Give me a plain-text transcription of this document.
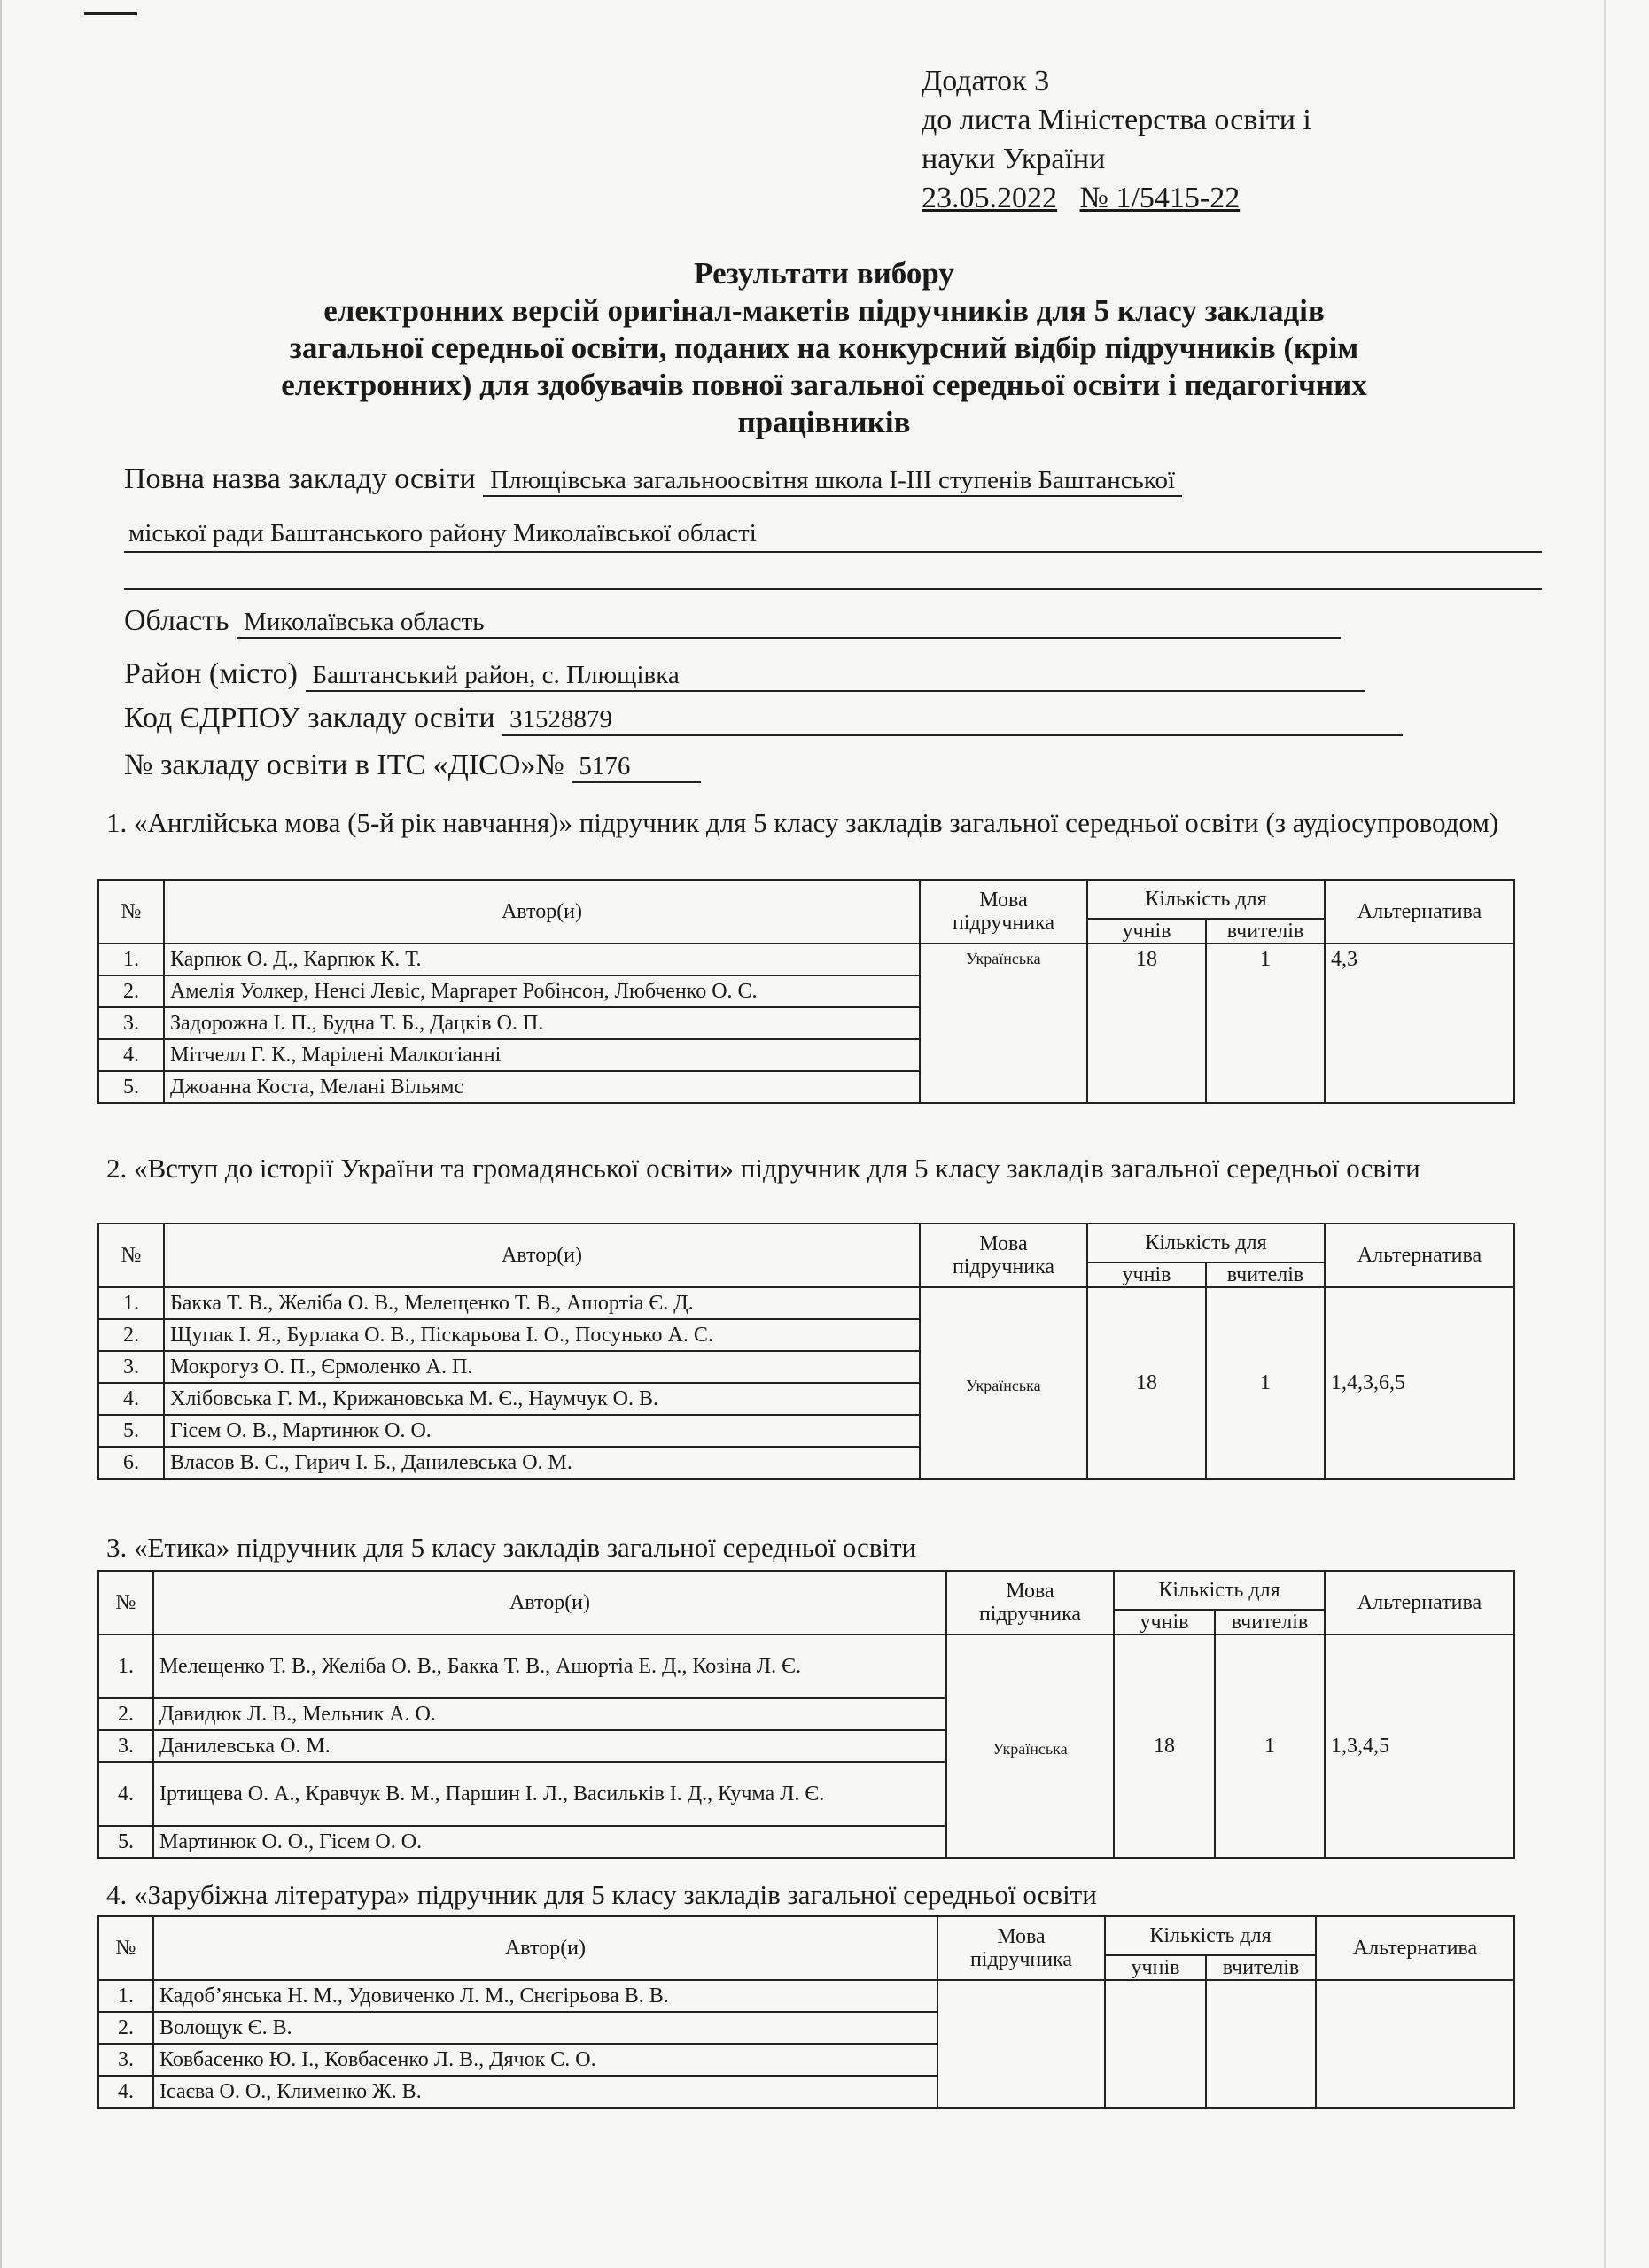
Додаток 3
до листа Міністерства освіти і
науки України
23.05.2022 № 1/5415-22
Результати вибору
електронних версій оригінал-макетів підручників для 5 класу закладів
загальної середньої освіти, поданих на конкурсний відбір підручників (крім
електронних) для здобувачів повної загальної середньої освіти і педагогічних
працівників
Повна назва закладу освіти Плющівська загальноосвітня школа І-ІІІ ступенів Баштанської
міської ради Баштанського району Миколаївської області
Область Миколаївська область
Район (місто) Баштанський район, с. Плющівка
Код ЄДРПОУ закладу освіти 31528879
№ закладу освіти в ІТС «ДІСО»№ 5176
1. «Англійська мова (5-й рік навчання)» підручник для 5 класу закладів загальної середньої освіти (з аудіосупроводом)
№	Автор(и)	Мова підручника	Кількість для		Альтернатива
			учнів	вчителів	
1.	Карпюк О. Д., Карпюк К. Т.	Українська	18	1	4,3
2.	Амелія Уолкер, Ненсі Левіс, Маргарет Робінсон, Любченко О. С.				
3.	Задорожна І. П., Будна Т. Б., Дацків О. П.				
4.	Мітчелл Г. К., Марілені Малкогіанні				
5.	Джоанна Коста, Мелані Вільямс				
2. «Вступ до історії України та громадянської освіти» підручник для 5 класу закладів загальної середньої освіти
№	Автор(и)	Мова підручника	Кількість для		Альтернатива
			учнів	вчителів	
1.	Бакка Т. В., Желіба О. В., Мелещенко Т. В., Ашортіа Є. Д.	Українська	18	1	1,4,3,6,5
2.	Щупак І. Я., Бурлака О. В., Піскарьова І. О., Посунько А. С.				
3.	Мокрогуз О. П., Єрмоленко А. П.				
4.	Хлібовська Г. М., Крижановська М. Є., Наумчук О. В.				
5.	Гісем О. В., Мартинюк О. О.				
6.	Власов В. С., Гирич І. Б., Данилевська О. М.				
3. «Етика» підручник для 5 класу закладів загальної середньої освіти
№	Автор(и)	Мова підручника	Кількість для		Альтернатива
			учнів	вчителів	
1.	Мелещенко Т. В., Желіба О. В., Бакка Т. В., Ашортіа Е. Д., Козіна Л. Є.	Українська	18	1	1,3,4,5
2.	Давидюк Л. В., Мельник А. О.				
3.	Данилевська О. М.				
4.	Іртищева О. А., Кравчук В. М., Паршин І. Л., Васильків І. Д., Кучма Л. Є.				
5.	Мартинюк О. О., Гісем О. О.				
4. «Зарубіжна література» підручник для 5 класу закладів загальної середньої освіти
№	Автор(и)	Мова підручника	Кількість для		Альтернатива
			учнів	вчителів	
1.	Кадоб’янська Н. М., Удовиченко Л. М., Снєгірьова В. В.				
2.	Волощук Є. В.				
3.	Ковбасенко Ю. І., Ковбасенко Л. В., Дячок С. О.				
4.	Ісаєва О. О., Клименко Ж. В.				
